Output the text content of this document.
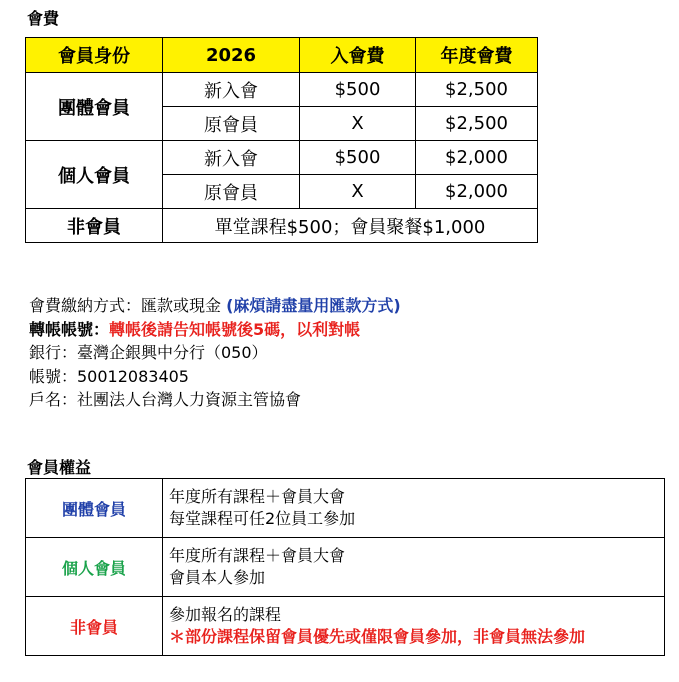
會費
會員身份	2026	入會費	年度會費
團體會員	新入會	$500	$2,500
	原會員	X	$2,500
個人會員	新入會	$500	$2,000
	原會員	X	$2,000
非會員	單堂課程$500；會員聚餐$1,000		
會費繳納方式：匯款或現金 (麻煩請盡量用匯款方式)
轉帳帳號：轉帳後請告知帳號後5碼，以利對帳
銀行：臺灣企銀興中分行（050）
帳號：50012083405
戶名：社團法人台灣人力資源主管協會
會員權益
團體會員	年度所有課程＋會員大會
每堂課程可任2位員工參加

個人會員	年度所有課程＋會員大會
會員本人參加

非會員	參加報名的課程
＊部份課程保留會員優先或僅限會員參加，非會員無法參加
